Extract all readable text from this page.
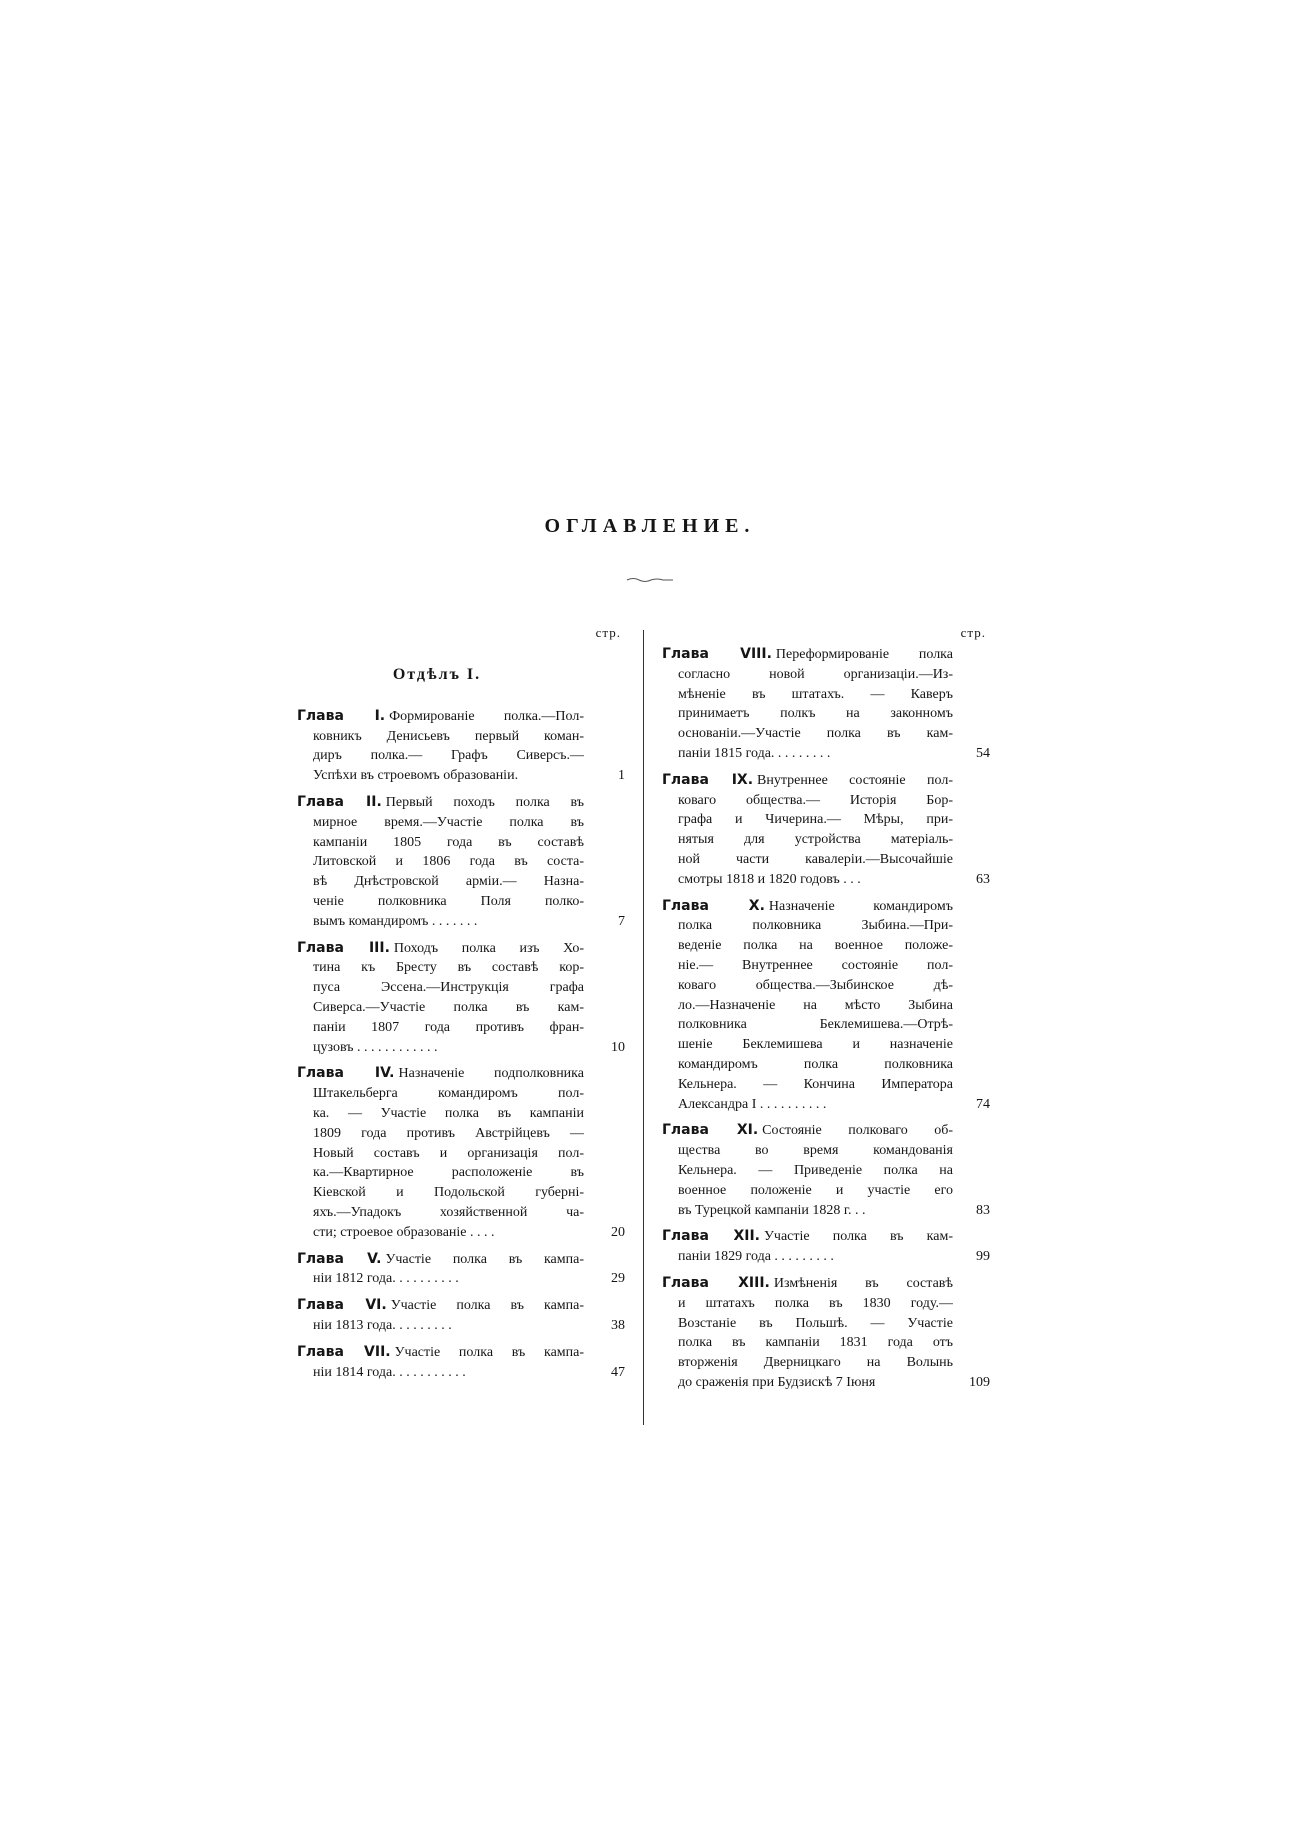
ОГЛАВЛЕНИЕ.
стр.
Отдѣлъ I.
Глава I. Формированіе полка.—Пол-
ковникъ Денисьевъ первый коман-
диръ полка.— Графъ Сиверсъ.—
Успѣхи въ строевомъ образованіи.	1
Глава II. Первый походъ полка въ
мирное время.—Участіе полка въ
кампаніи 1805 года въ составѣ
Литовской и 1806 года въ соста-
вѣ Днѣстровской арміи.— Назна-
ченіе полковника Поля полко-
вымъ командиромъ . . . . . . .	7
Глава III. Походъ полка изъ Хо-
тина къ Бресту въ составѣ кор-
пуса Эссена.—Инструкція графа
Сиверса.—Участіе полка въ кам-
паніи 1807 года противъ фран-
цузовъ . . . . . . . . . . . .	10
Глава IV. Назначеніе подполковника
Штакельберга командиромъ пол-
ка. — Участіе полка въ кампаніи
1809 года противъ Австрійцевъ —
Новый составъ и организація пол-
ка.—Квартирное расположеніе въ
Кіевской и Подольской губерні-
яхъ.—Упадокъ хозяйственной ча-
сти; строевое образованіе . . . .	20
Глава V. Участіе полка въ кампа-
ніи 1812 года. . . . . . . . . .	29
Глава VI. Участіе полка въ кампа-
ніи 1813 года. . . . . . . . .	38
Глава VII. Участіе полка въ кампа-
ніи 1814 года. . . . . . . . . . .	47
стр.
Глава VIII. Переформированіе полка
согласно новой организаціи.—Из-
мѣненіе въ штатахъ. — Каверъ
принимаетъ полкъ на законномъ
основаніи.—Участіе полка въ кам-
паніи 1815 года. . . . . . . . .	54
Глава IX. Внутреннее состояніе пол-
коваго общества.— Исторія Бор-
графа и Чичерина.— Мѣры, при-
нятыя для устройства матеріаль-
ной части кавалеріи.—Высочайшіе
смотры 1818 и 1820 годовъ . . .	63
Глава X. Назначеніе командиромъ
полка полковника Зыбина.—При-
веденіе полка на военное положе-
ніе.— Внутреннее состояніе пол-
коваго общества.—Зыбинское дѣ-
ло.—Назначеніе на мѣсто Зыбина
полковника Беклемишева.—Отрѣ-
шеніе Беклемишева и назначеніе
командиромъ полка полковника
Кельнера. — Кончина Императора
Александра I . . . . . . . . . .	74
Глава XI. Состояніе полковаго об-
щества во время командованія
Кельнера. — Приведеніе полка на
военное положеніе и участіе его
въ Турецкой кампаніи 1828 г. . .	83
Глава XII. Участіе полка въ кам-
паніи 1829 года . . . . . . . . .	99
Глава XIII. Измѣненія въ составѣ
и штатахъ полка въ 1830 году.—
Возстаніе въ Польшѣ. — Участіе
полка въ кампаніи 1831 года отъ
вторженія Дверницкаго на Волынь
до сраженія при Будзискѣ 7 Іюня	109
